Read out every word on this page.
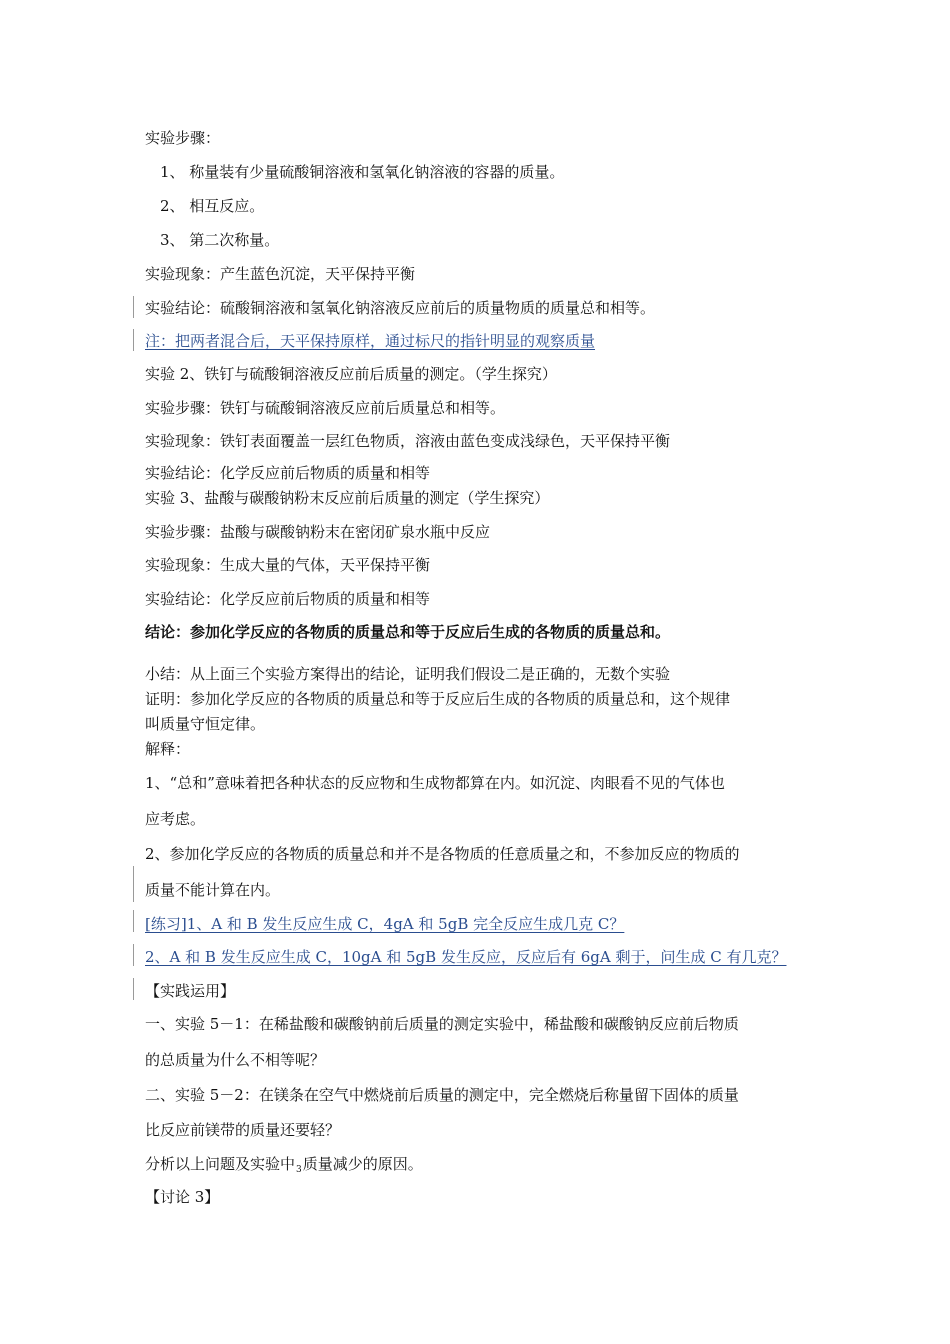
实验步骤：
1、 称量装有少量硫酸铜溶液和氢氧化钠溶液的容器的质量。
2、 相互反应。
3、 第二次称量。
实验现象：产生蓝色沉淀，天平保持平衡
实验结论：硫酸铜溶液和氢氧化钠溶液反应前后的质量物质的质量总和相等。
注：把两者混合后，天平保持原样，通过标尺的指针明显的观察质量
实验 2、铁钉与硫酸铜溶液反应前后质量的测定。（学生探究）
实验步骤：铁钉与硫酸铜溶液反应前后质量总和相等。
实验现象：铁钉表面覆盖一层红色物质，溶液由蓝色变成浅绿色，天平保持平衡
实验结论：化学反应前后物质的质量和相等
实验 3、盐酸与碳酸钠粉末反应前后质量的测定（学生探究）
实验步骤：盐酸与碳酸钠粉末在密闭矿泉水瓶中反应
实验现象：生成大量的气体，天平保持平衡
实验结论：化学反应前后物质的质量和相等
结论：参加化学反应的各物质的质量总和等于反应后生成的各物质的质量总和。
小结：从上面三个实验方案得出的结论，证明我们假设二是正确的，无数个实验
证明：参加化学反应的各物质的质量总和等于反应后生成的各物质的质量总和，这个规律
叫质量守恒定律。
解释：
1、“总和”意味着把各种状态的反应物和生成物都算在内。如沉淀、肉眼看不见的气体也
应考虑。
2、参加化学反应的各物质的质量总和并不是各物质的任意质量之和，不参加反应的物质的
质量不能计算在内。
[练习]1、A 和 B 发生反应生成 C，4gA 和 5gB 完全反应生成几克 C？
2、A 和 B 发生反应生成 C，10gA 和 5gB 发生反应，反应后有 6gA 剩于，问生成 C 有几克？
【实践运用】
一、实验 5－1：在稀盐酸和碳酸钠前后质量的测定实验中，稀盐酸和碳酸钠反应前后物质
的总质量为什么不相等呢？
二、实验 5－2：在镁条在空气中燃烧前后质量的测定中，完全燃烧后称量留下固体的质量
比反应前镁带的质量还要轻？
分析以上问题及实验中$_3$质量减少的原因。
【讨论 3】
